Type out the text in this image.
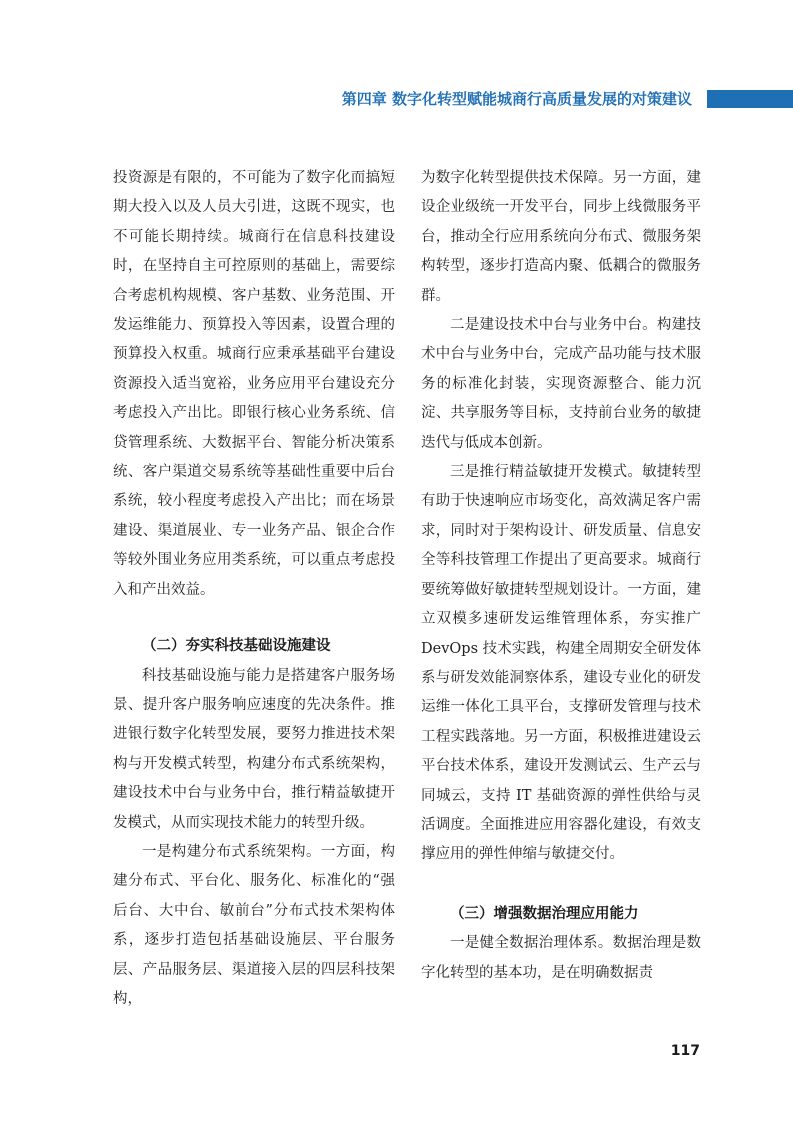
第四章 数字化转型赋能城商行高质量发展的对策建议

投资源是有限的，不可能为了数字化而搞短期大投入以及人员大引进，这既不现实，也不可能长期持续。城商行在信息科技建设时，在坚持自主可控原则的基础上，需要综合考虑机构规模、客户基数、业务范围、开发运维能力、预算投入等因素，设置合理的预算投入权重。城商行应秉承基础平台建设资源投入适当宽裕，业务应用平台建设充分考虑投入产出比。即银行核心业务系统、信贷管理系统、大数据平台、智能分析决策系统、客户渠道交易系统等基础性重要中后台系统，较小程度考虑投入产出比；而在场景建设、渠道展业、专一业务产品、银企合作等较外围业务应用类系统，可以重点考虑投入和产出效益。

（二）夯实科技基础设施建设

科技基础设施与能力是搭建客户服务场景、提升客户服务响应速度的先决条件。推进银行数字化转型发展，要努力推进技术架构与开发模式转型，构建分布式系统架构，建设技术中台与业务中台，推行精益敏捷开发模式，从而实现技术能力的转型升级。

一是构建分布式系统架构。一方面，构建分布式、平台化、服务化、标准化的“强后台、大中台、敏前台”分布式技术架构体系，逐步打造包括基础设施层、平台服务层、产品服务层、渠道接入层的四层科技架构，

为数字化转型提供技术保障。另一方面，建设企业级统一开发平台，同步上线微服务平台，推动全行应用系统向分布式、微服务架构转型，逐步打造高内聚、低耦合的微服务群。

二是建设技术中台与业务中台。构建技术中台与业务中台，完成产品功能与技术服务的标准化封装，实现资源整合、能力沉淀、共享服务等目标，支持前台业务的敏捷迭代与低成本创新。

三是推行精益敏捷开发模式。敏捷转型有助于快速响应市场变化，高效满足客户需求，同时对于架构设计、研发质量、信息安全等科技管理工作提出了更高要求。城商行要统筹做好敏捷转型规划设计。一方面，建立双模多速研发运维管理体系，夯实推广 DevOps 技术实践，构建全周期安全研发体系与研发效能洞察体系，建设专业化的研发运维一体化工具平台，支撑研发管理与技术工程实践落地。另一方面，积极推进建设云平台技术体系，建设开发测试云、生产云与同城云，支持 IT 基础资源的弹性供给与灵活调度。全面推进应用容器化建设，有效支撑应用的弹性伸缩与敏捷交付。

（三）增强数据治理应用能力

一是健全数据治理体系。数据治理是数字化转型的基本功，是在明确数据责

117
